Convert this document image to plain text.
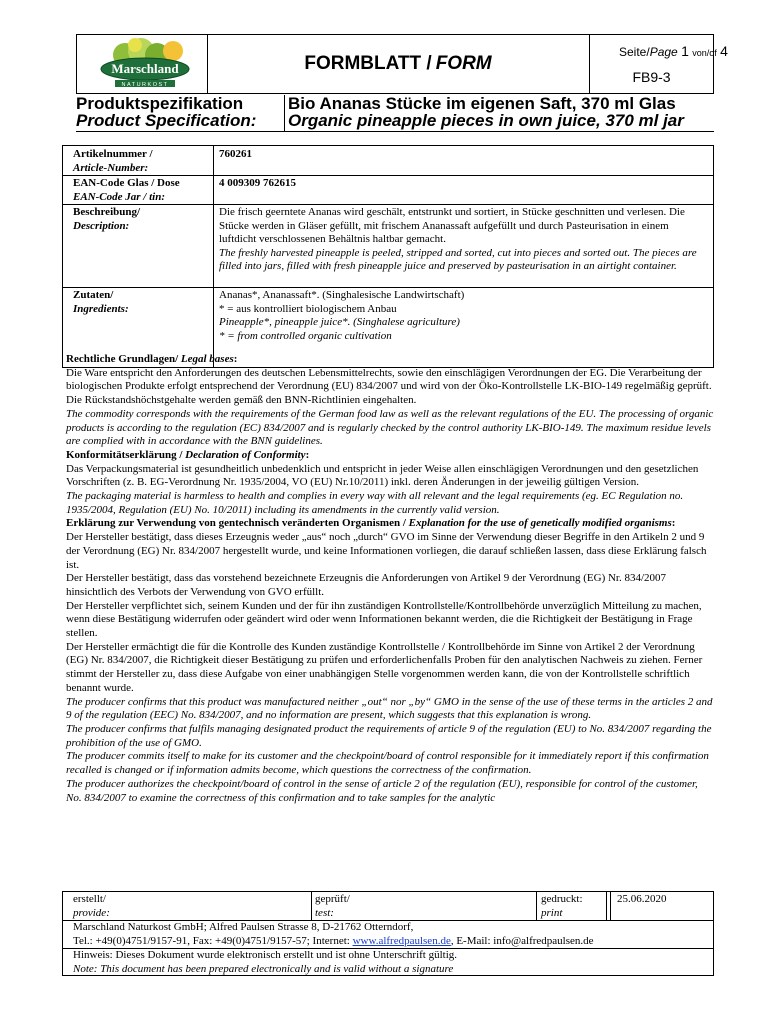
Marschland
NATURKOST
FORMBLATT / FORM
Seite/Page 1 von/of 4
FB9-3
Produktspezifikation
Product Specification:
Bio Ananas Stücke im eigenen Saft, 370 ml Glas
Organic pineapple pieces in own juice, 370 ml jar
Artikelnummer /
Article-Number:
760261
EAN-Code Glas / Dose
EAN-Code Jar / tin:
4 009309 762615
Beschreibung/
Description:
Die frisch geerntete Ananas wird geschält, entstrunkt und sortiert, in Stücke geschnitten und verlesen. Die Stücke werden in Gläser gefüllt, mit frischem Ananassaft aufgefüllt und durch Pasteurisation in einem luftdicht verschlossenen Behältnis haltbar gemacht.
The freshly harvested pineapple is peeled, stripped and sorted, cut into pieces and sorted out. The pieces are filled into jars, filled with fresh pineapple juice and preserved by pasteurisation in an airtight container.
Zutaten/
Ingredients:
Ananas*, Ananassaft*. (Singhalesische Landwirtschaft)
* = aus kontrolliert biologischem Anbau
Pineapple*, pineapple juice*. (Singhalese agriculture)
* = from controlled organic cultivation

Rechtliche Grundlagen/ Legal bases:

Die Ware entspricht den Anforderungen des deutschen Lebensmittelrechts, sowie den einschlägigen Verordnungen der EG. Die Verarbeitung der biologischen Produkte erfolgt entsprechend der Verordnung (EU) 834/2007 und wird von der Öko-Kontrollstelle LK-BIO-149 regelmäßig geprüft. Die Rückstandshöchstgehalte werden gemäß den BNN-Richtlinien eingehalten.

The commodity corresponds with the requirements of the German food law as well as the relevant regulations of the EU. The processing of organic products is according to the regulation (EC) 834/2007 and is regularly checked by the control authority LK-BIO-149. The maximum residue levels are complied with in accordance with the BNN guidelines.

Konformitätserklärung / Declaration of Conformity:

Das Verpackungsmaterial ist gesundheitlich unbedenklich und entspricht in jeder Weise allen einschlägigen Verordnungen und den gesetzlichen Vorschriften (z. B. EG-Verordnung Nr. 1935/2004, VO (EU) Nr.10/2011) inkl. deren Änderungen in der jeweilig gültigen Version.

The packaging material is harmless to health and complies in every way with all relevant and the legal requirements (eg. EC Regulation no. 1935/2004, Regulation (EU) No. 10/2011) including its amendments in the currently valid version.

Erklärung zur Verwendung von gentechnisch veränderten Organismen / Explanation for the use of genetically modified organisms:

Der Hersteller bestätigt, dass dieses Erzeugnis weder „aus“ noch „durch“ GVO im Sinne der Verwendung dieser Begriffe in den Artikeln 2 und 9 der Verordnung (EG) Nr. 834/2007 hergestellt wurde, und keine Informationen vorliegen, die darauf schließen lassen, dass diese Erklärung falsch ist.

Der Hersteller bestätigt, dass das vorstehend bezeichnete Erzeugnis die Anforderungen von Artikel 9 der Verordnung (EG) Nr. 834/2007 hinsichtlich des Verbots der Verwendung von GVO erfüllt.

Der Hersteller verpflichtet sich, seinem Kunden und der für ihn zuständigen Kontrollstelle/Kontrollbehörde unverzüglich Mitteilung zu machen, wenn diese Bestätigung widerrufen oder geändert wird oder wenn Informationen bekannt werden, die die Richtigkeit der Bestätigung in Frage stellen.

Der Hersteller ermächtigt die für die Kontrolle des Kunden zuständige Kontrollstelle / Kontrollbehörde im Sinne von Artikel 2 der Verordnung (EG) Nr. 834/2007, die Richtigkeit dieser Bestätigung zu prüfen und erforderlichenfalls Proben für den analytischen Nachweis zu ziehen. Ferner stimmt der Hersteller zu, dass diese Aufgabe von einer unabhängigen Stelle vorgenommen werden kann, die von der Kontrollstelle schriftlich benannt wurde.

The producer confirms that this product was manufactured neither „out“ nor „by“ GMO in the sense of the use of these terms in the articles 2 and 9 of the regulation (EEC) No. 834/2007, and no information are present, which suggests that this explanation is wrong.

The producer confirms that fulfils managing designated product the requirements of article 9 of the regulation (EU) to No. 834/2007 regarding the prohibition of the use of GMO.

The producer commits itself to make for its customer and the checkpoint/board of control responsible for it immediately report if this confirmation recalled is changed or if information admits become, which questions the correctness of the confirmation.

The producer authorizes the checkpoint/board of control in the sense of article 2 of the regulation (EU), responsible for control of the customer, No. 834/2007 to examine the correctness of this confirmation and to take samples for the analytic

erstellt/
provide:
geprüft/
test:
gedruckt:
print
25.06.2020
Marschland Naturkost GmbH; Alfred Paulsen Strasse 8, D-21762 Otterndorf,
Tel.: +49(0)4751/9157-91, Fax: +49(0)4751/9157-57; Internet: www.alfredpaulsen.de, E-Mail: info@alfredpaulsen.de
Hinweis: Dieses Dokument wurde elektronisch erstellt und ist ohne Unterschrift gültig.
Note: This document has been prepared electronically and is valid without a signature
